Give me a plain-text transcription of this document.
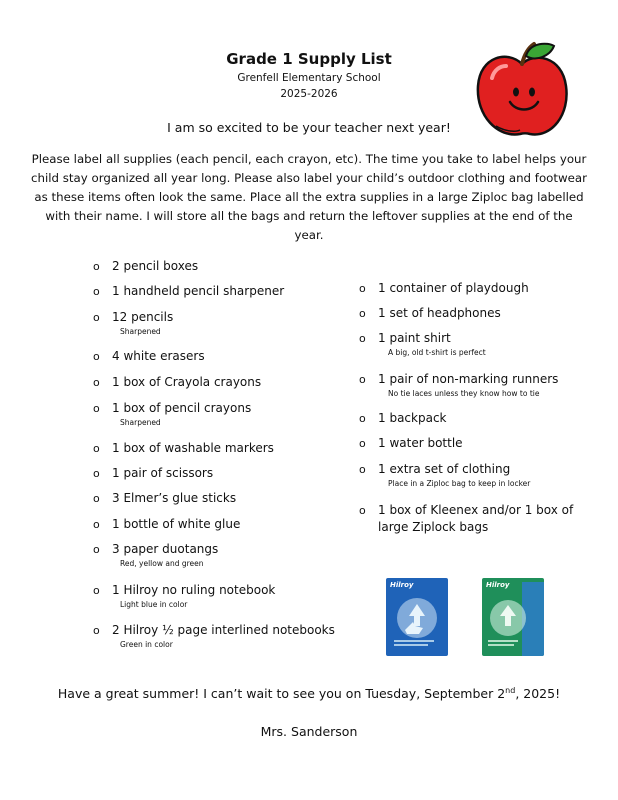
Grade 1 Supply List
Grenfell Elementary School
2025-2026
I am so excited to be your teacher next year!
Please label all supplies (each pencil, each crayon, etc). The time you take to label helps your child stay organized all year long. Please also label your child’s outdoor clothing and footwear as these items often look the same. Place all the extra supplies in a large Ziploc bag labelled with their name. I will store all the bags and return the leftover supplies at the end of the year.
o 2 pencil boxes
o 1 handheld pencil sharpener
o 12 pencils
Sharpened
o 4 white erasers
o 1 box of Crayola crayons
o 1 box of pencil crayons
Sharpened
o 1 box of washable markers
o 1 pair of scissors
o 3 Elmer’s glue sticks
o 1 bottle of white glue
o 3 paper duotangs
Red, yellow and green
o 1 Hilroy no ruling notebook
Light blue in color
o 2 Hilroy ½ page interlined notebooks
Green in color
o 1 container of playdough
o 1 set of headphones
o 1 paint shirt
A big, old t-shirt is perfect
o 1 pair of non-marking runners
No tie laces unless they know how to tie
o 1 backpack
o 1 water bottle
o 1 extra set of clothing
Place in a Ziploc bag to keep in locker
o 1 box of Kleenex and/or 1 box of large Ziplock bags
Hilroy	Hilroy
Have a great summer! I can’t wait to see you on Tuesday, September 2nd, 2025!
Mrs. Sanderson
